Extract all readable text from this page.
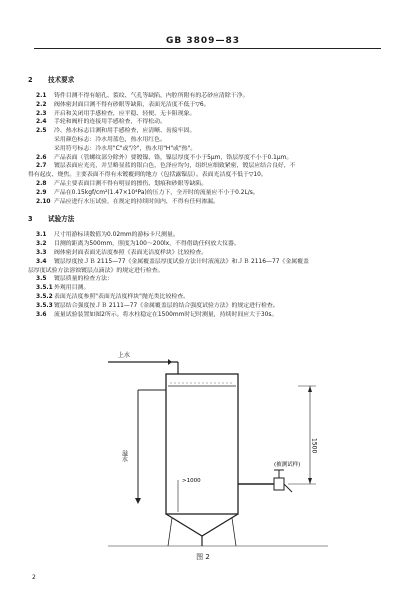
GB 3809—83
2 技术要求
2.1 铸件目测不得有缩孔、裂纹、气孔等缺陷，内腔所附有的芯砂应清除干净。
2.2 阀体密封面目测不得有砂眼等缺陷，表面光洁度不低于▽6。
2.3 开启和关闭用手感检查，应平稳、轻便、无卡阻现象。
2.4 手轮和阀杆的连接用手感检查，不得松动。
2.5 冷、热水标志目测和用手感检查，应清晰、齿接牢固。
采用颜色标志：冷水用蓝色，热水用红色。
采用符号标志：冷水用"C"或"冷"，热水用"H"或"热"。
2.6 产品表面（管螺纹部分除外）要镀镍、铬，镍层厚度不小于5μm，铬层厚度不小于0.1μm。
2.7 镀层表面应光亮，并呈略显蓝的银白色，色泽应均匀，组织应细致紧密，镀层应结合良好，不
得有起皮、烧焦。主要表面不得有未镀覆到的地方（包括露镍层）。表面光洁度不低于▽10。
2.8 产品主要表面目测不得有明显的擦伤、划痕和砂眼等缺陷。
2.9 产品在0.15kgf/cm²(1.47×10⁴Pa)的压力下，全开时的流量应不小于0.2L/s。
2.10 产品应进行水压试验，在规定的持续时间内，不得有任何渗漏。
3 试验方法
3.1 尺寸用游标读数值为0.02mm的游标卡尺测量。
3.2 目测的距离为500mm，照度为100～200lx，不得借助任何放大仪器。
3.3 阀体密封面表面光洁度参照《表面光洁度样块》比较检查。
3.4 镀层厚度按ＪＢ 2115—77《金属覆盖层厚度试验方法计时液流法》和ＪＢ 2116—77《金属覆盖
层厚度试验方法溶蚀镀层点滴法》的规定进行检查。
3.5 镀层质量的检查方法：
3.5.1 外观用目测。
3.5.2 表面光洁度参照"表面光洁度样块"抛光类比较检查。
3.5.3 镀层结合强度按ＪＢ 2111—77《金属覆盖层的结合强度试验方法》的规定进行检查。
3.6 流量试验装置如图2所示。将水柱稳定在1500mm时记时测量，持续时间应大于30s。
上水
溢水
>1000
(被测试样)
1500
图 2
2
